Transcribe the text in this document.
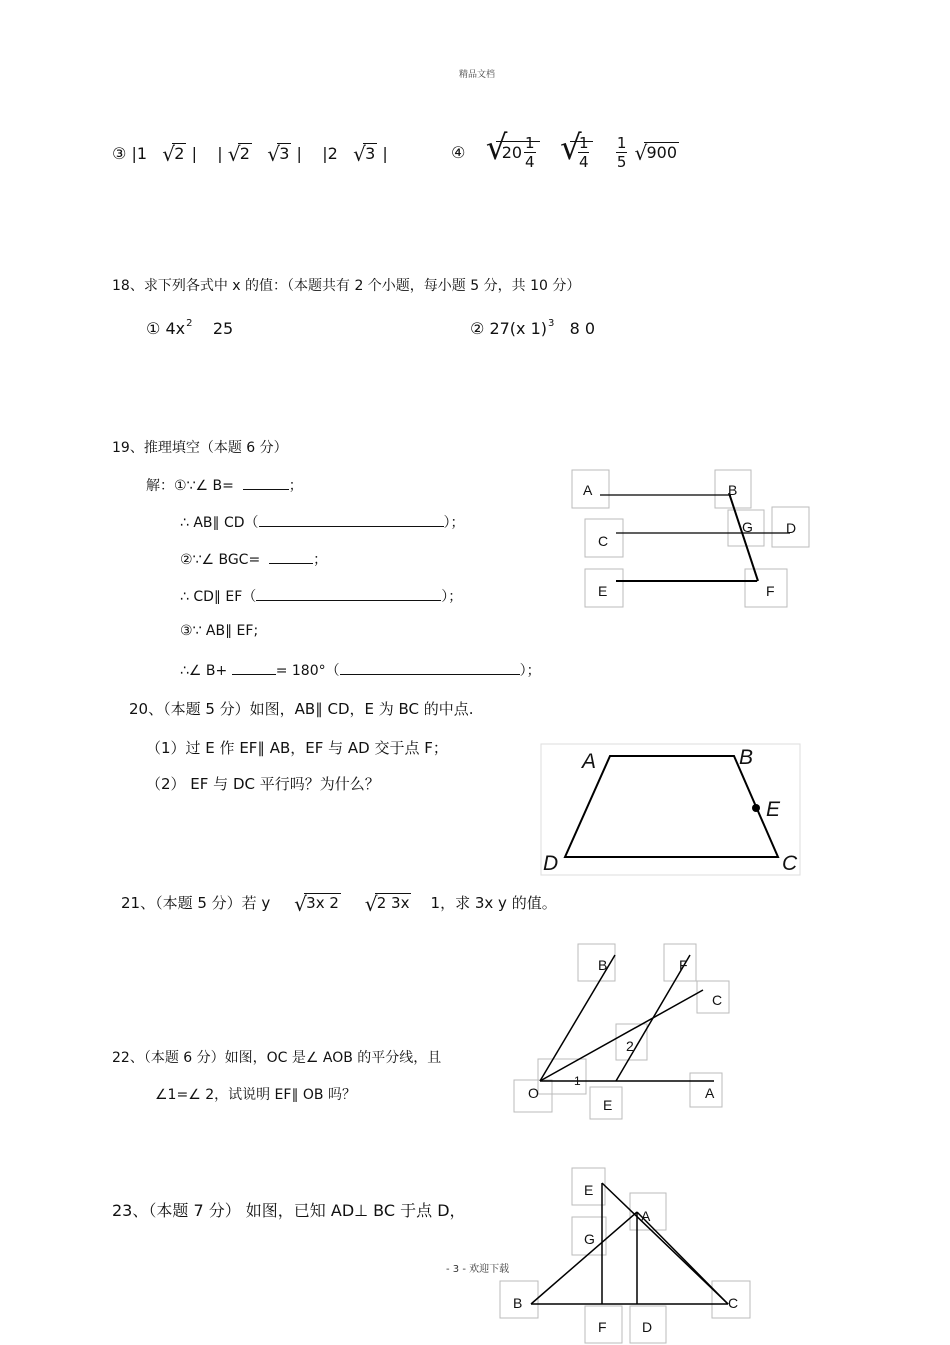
精品文档
③ |1 √ 2 | | √ 2 √ 3 | |2 √ 3 |	④ √
$20 \frac{1}{4}$
√
$\frac{1}{4}$
$\frac{1}{5}$
√ 900
18、求下列各式中 x 的值：（本题共有 2 个小题，每小题 5 分，共 10 分）
① $4x^2$ 25	② 27(x 1)$^3$ 8 0
19、推理填空（本题 6 分）
解：①∵∠ B=	；
∴ AB∥ CD（	）；
②∵∠ BGC=	；
∴ CD∥ EF（	）；
③∵ AB∥ EF;
∴∠ B+	= 180°（	）；
20、（本题 5 分）如图，AB∥ CD，E 为 BC 的中点.
（1）过 E 作 EF∥ AB，EF 与 AD 交于点 F；
（2） EF 与 DC 平行吗？为什么？
21、（本题 5 分）若 y √ 3x 2 √ 2 3x 1，求 3x y 的值。
22、（本题 6 分）如图，OC 是∠ AOB 的平分线，且
∠1=∠ 2，试说明 EF∥ OB 吗？
23、（本题 7 分） 如图，已知 AD⊥ BC 于点 D，
- 3 - 欢迎下载
A	B
C
D
E	F
G
A	B
E
D	C
B	F
C
2
1
O
E
A
E
A
G
B	C
F	D
